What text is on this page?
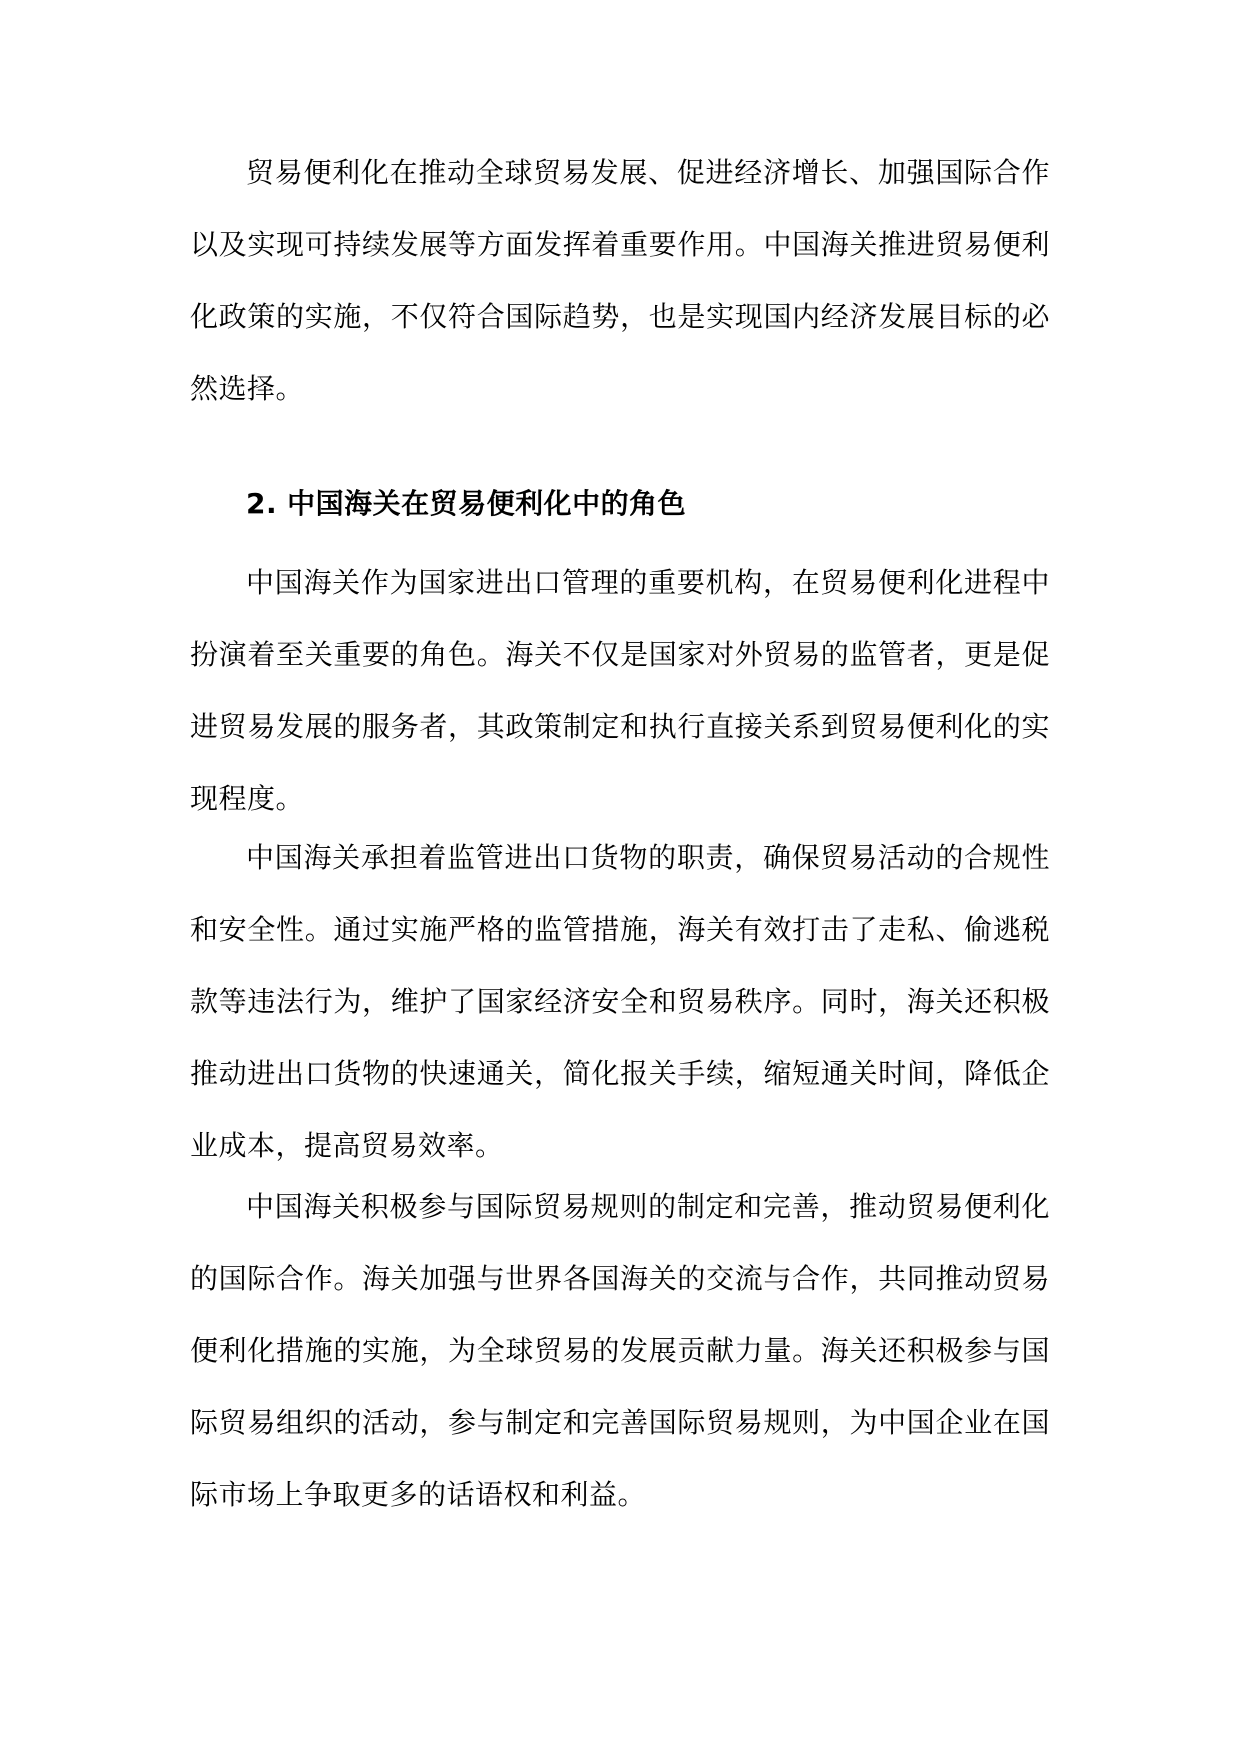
贸易便利化在推动全球贸易发展、促进经济增长、加强国际合作以及实现可持续发展等方面发挥着重要作用。中国海关推进贸易便利化政策的实施，不仅符合国际趋势，也是实现国内经济发展目标的必然选择。

2. 中国海关在贸易便利化中的角色

中国海关作为国家进出口管理的重要机构，在贸易便利化进程中扮演着至关重要的角色。海关不仅是国家对外贸易的监管者，更是促进贸易发展的服务者，其政策制定和执行直接关系到贸易便利化的实现程度。

中国海关承担着监管进出口货物的职责，确保贸易活动的合规性和安全性。通过实施严格的监管措施，海关有效打击了走私、偷逃税款等违法行为，维护了国家经济安全和贸易秩序。同时，海关还积极推动进出口货物的快速通关，简化报关手续，缩短通关时间，降低企业成本，提高贸易效率。

中国海关积极参与国际贸易规则的制定和完善，推动贸易便利化的国际合作。海关加强与世界各国海关的交流与合作，共同推动贸易便利化措施的实施，为全球贸易的发展贡献力量。海关还积极参与国际贸易组织的活动，参与制定和完善国际贸易规则，为中国企业在国际市场上争取更多的话语权和利益。
